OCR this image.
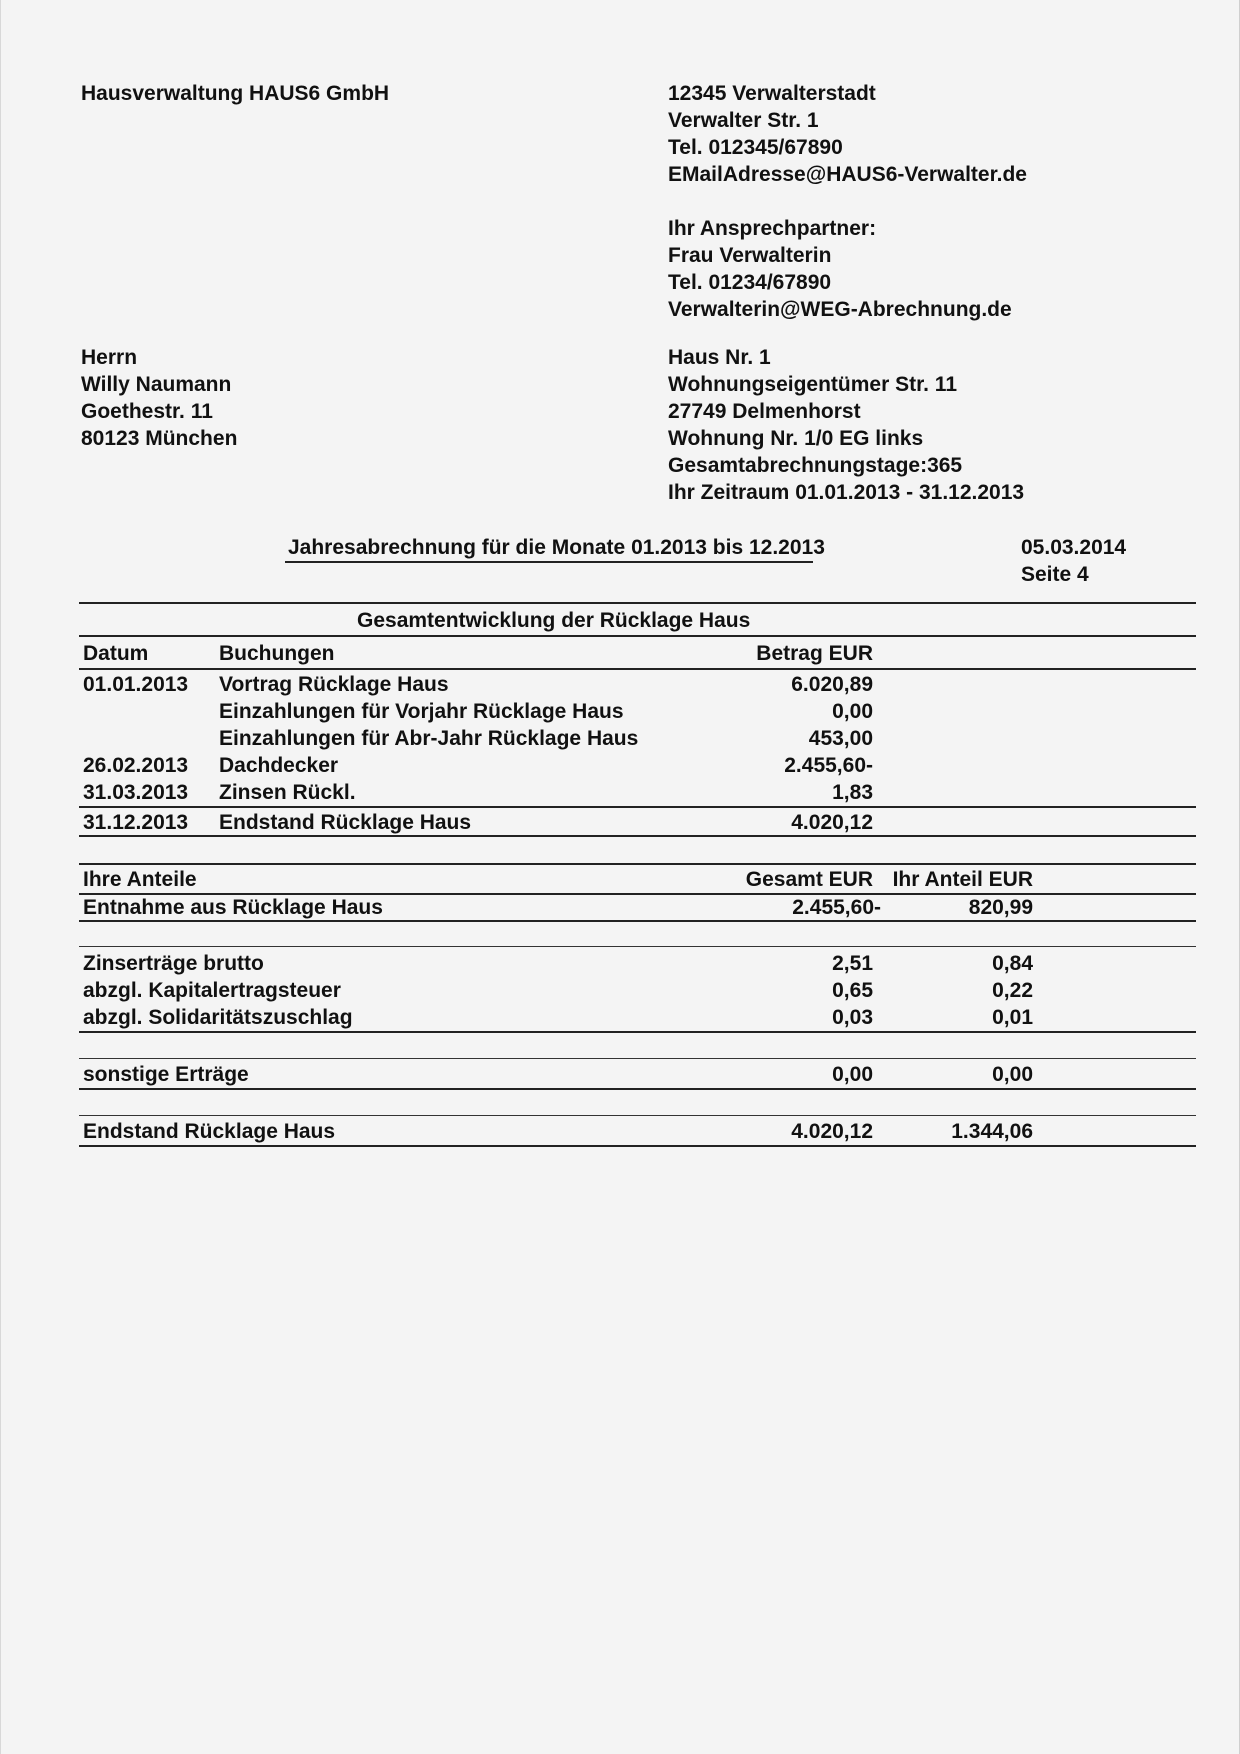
Hausverwaltung HAUS6 GmbH	12345 Verwalterstadt
Verwalter Str. 1
Tel. 012345/67890
EMailAdresse@HAUS6-Verwalter.de
Ihr Ansprechpartner:
Frau Verwalterin
Tel. 01234/67890
Verwalterin@WEG-Abrechnung.de
Herrn
Willy Naumann
Goethestr. 11
80123 München
Haus Nr. 1
Wohnungseigentümer Str. 11
27749 Delmenhorst
Wohnung Nr. 1/0 EG links
Gesamtabrechnungstage:365
Ihr Zeitraum 01.01.2013 - 31.12.2013
Jahresabrechnung für die Monate 01.2013 bis 12.2013	05.03.2014
Seite 4
Gesamtentwicklung der Rücklage Haus
Datum	Buchungen	Betrag EUR
01.01.2013 Vortrag Rücklage Haus	6.020,89
Einzahlungen für Vorjahr Rücklage Haus	0,00
Einzahlungen für Abr-Jahr Rücklage Haus	453,00
26.02.2013 Dachdecker	2.455,60-
31.03.2013 Zinsen Rückl.	1,83
31.12.2013 Endstand Rücklage Haus	4.020,12
Ihre Anteile	Gesamt EUR Ihr Anteil EUR
Entnahme aus Rücklage Haus	2.455,60-	820,99
Zinserträge brutto	2,51	0,84
abzgl. Kapitalertragsteuer	0,65	0,22
abzgl. Solidaritätszuschlag	0,03	0,01
sonstige Erträge	0,00	0,00
Endstand Rücklage Haus	4.020,12	1.344,06
